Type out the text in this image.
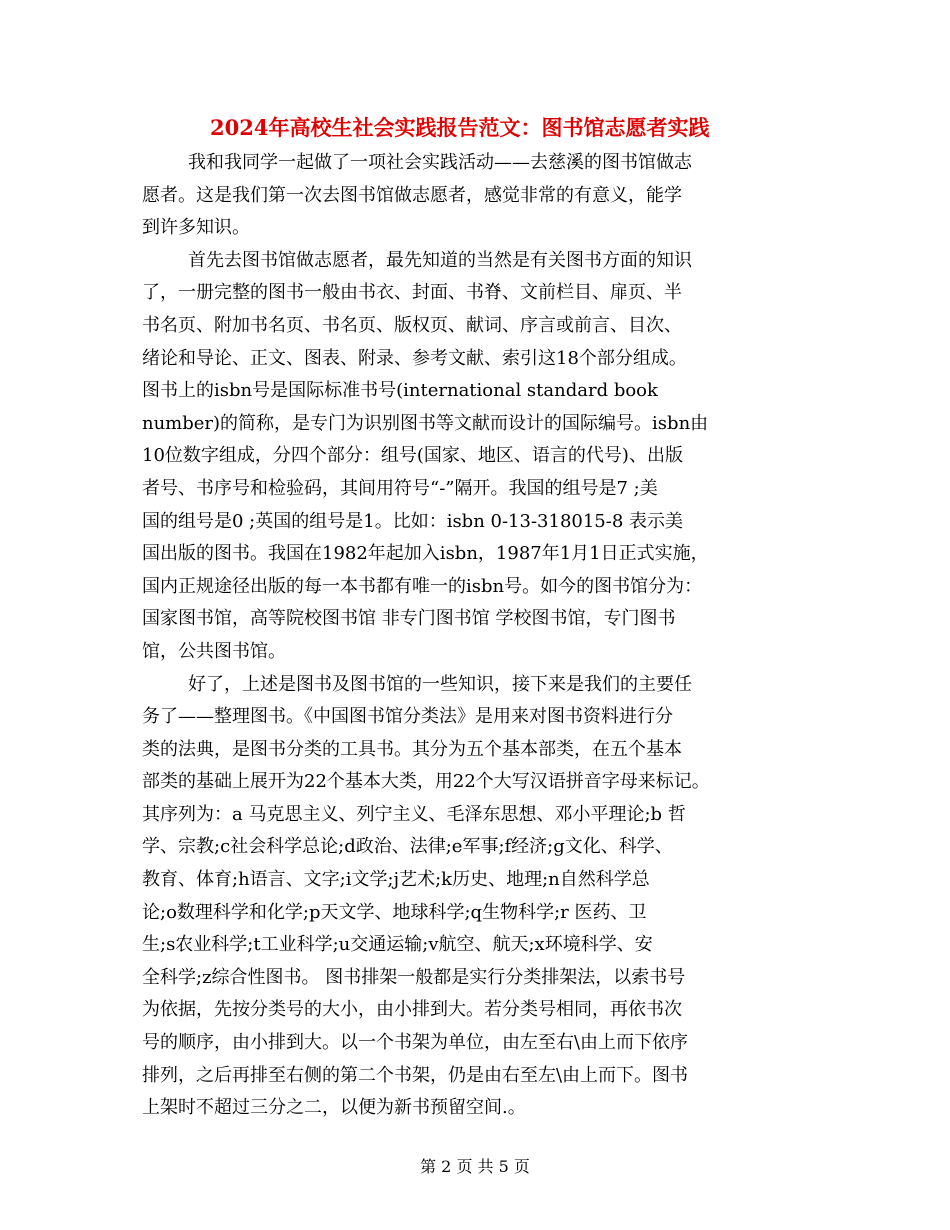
2024年高校生社会实践报告范文：图书馆志愿者实践
我和我同学一起做了一项社会实践活动——去慈溪的图书馆做志
愿者。这是我们第一次去图书馆做志愿者，感觉非常的有意义，能学
到许多知识。
首先去图书馆做志愿者，最先知道的当然是有关图书方面的知识
了，一册完整的图书一般由书衣、封面、书脊、文前栏目、扉页、半
书名页、附加书名页、书名页、版权页、献词、序言或前言、目次、
绪论和导论、正文、图表、附录、参考文献、索引这18个部分组成。
图书上的isbn号是国际标准书号(international standard book
number)的简称，是专门为识别图书等文献而设计的国际编号。isbn由
10位数字组成，分四个部分：组号(国家、地区、语言的代号)、出版
者号、书序号和检验码，其间用符号“-”隔开。我国的组号是7 ;美
国的组号是0 ;英国的组号是1。比如：isbn 0-13-318015-8 表示美
国出版的图书。我国在1982年起加入isbn，1987年1月1日正式实施，
国内正规途径出版的每一本书都有唯一的isbn号。如今的图书馆分为：
国家图书馆，高等院校图书馆 非专门图书馆 学校图书馆，专门图书
馆，公共图书馆。
好了，上述是图书及图书馆的一些知识，接下来是我们的主要任
务了——整理图书。《中国图书馆分类法》是用来对图书资料进行分
类的法典，是图书分类的工具书。其分为五个基本部类，在五个基本
部类的基础上展开为22个基本大类，用22个大写汉语拼音字母来标记。
其序列为：a 马克思主义、列宁主义、毛泽东思想、邓小平理论;b 哲
学、宗教;c社会科学总论;d政治、法律;e军事;f经济;g文化、科学、
教育、体育;h语言、文字;i文学;j艺术;k历史、地理;n自然科学总
论;o数理科学和化学;p天文学、地球科学;q生物科学;r 医药、卫
生;s农业科学;t工业科学;u交通运输;v航空、航天;x环境科学、安
全科学;z综合性图书。 图书排架一般都是实行分类排架法，以索书号
为依据，先按分类号的大小，由小排到大。若分类号相同，再依书次
号的顺序，由小排到大。以一个书架为单位，由左至右\由上而下依序
排列，之后再排至右侧的第二个书架，仍是由右至左\由上而下。图书
上架时不超过三分之二，以便为新书预留空间.。
第 2 页 共 5 页
